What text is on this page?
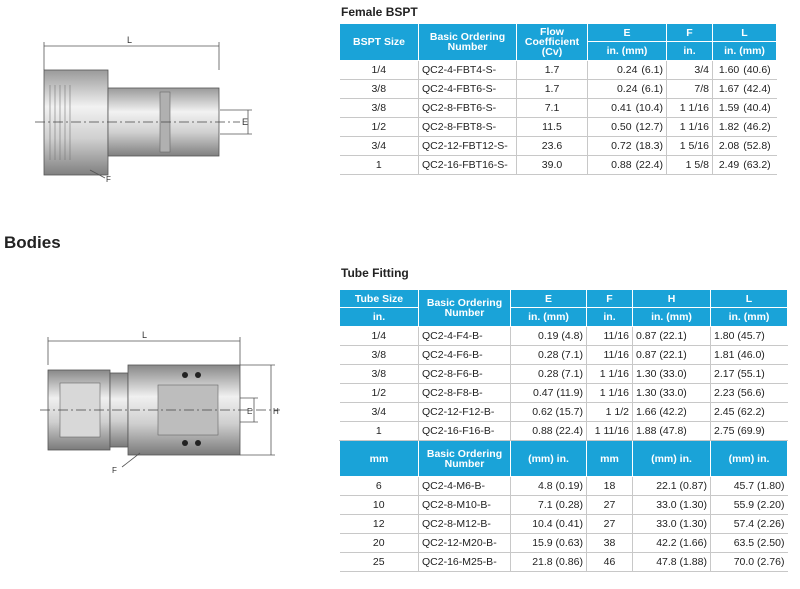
L
E
F
L
E	H
F
Female BSPT
BSPT Size	Basic Ordering Number	Flow Coefficient (Cv)	E	F	L
			in. (mm)	in.	in. (mm)
1/4	QC2-4-FBT4-S-	1.7	0.24 (6.1)	3/4	1.60 (40.6)
3/8	QC2-4-FBT6-S-	1.7	0.24 (6.1)	7/8	1.67 (42.4)
3/8	QC2-8-FBT6-S-	7.1	0.41 (10.4)	1 1/16	1.59 (40.4)
1/2	QC2-8-FBT8-S-	11.5	0.50 (12.7)	1 1/16	1.82 (46.2)
3/4	QC2-12-FBT12-S-	23.6	0.72 (18.3)	1 5/16	2.08 (52.8)
1	QC2-16-FBT16-S-	39.0	0.88 (22.4)	1 5/8	2.49 (63.2)
Bodies
Tube Fitting
Tube Size	Basic Ordering Number	E	F	H	L
in.		in. (mm)	in.	in. (mm)	in. (mm)
1/4	QC2-4-F4-B-	0.19 (4.8)	11/16	0.87 (22.1)	1.80 (45.7)
3/8	QC2-4-F6-B-	0.28 (7.1)	11/16	0.87 (22.1)	1.81 (46.0)
3/8	QC2-8-F6-B-	0.28 (7.1)	1 1/16	1.30 (33.0)	2.17 (55.1)
1/2	QC2-8-F8-B-	0.47 (11.9)	1 1/16	1.30 (33.0)	2.23 (56.6)
3/4	QC2-12-F12-B-	0.62 (15.7)	1 1/2	1.66 (42.2)	2.45 (62.2)
1	QC2-16-F16-B-	0.88 (22.4)	1 11/16	1.88 (47.8)	2.75 (69.9)
mm	Basic Ordering Number	(mm) in.	mm	(mm) in.	(mm) in.
6	QC2-4-M6-B-	4.8 (0.19)	18	22.1 (0.87)	45.7 (1.80)
10	QC2-8-M10-B-	7.1 (0.28)	27	33.0 (1.30)	55.9 (2.20)
12	QC2-8-M12-B-	10.4 (0.41)	27	33.0 (1.30)	57.4 (2.26)
20	QC2-12-M20-B-	15.9 (0.63)	38	42.2 (1.66)	63.5 (2.50)
25	QC2-16-M25-B-	21.8 (0.86)	46	47.8 (1.88)	70.0 (2.76)
